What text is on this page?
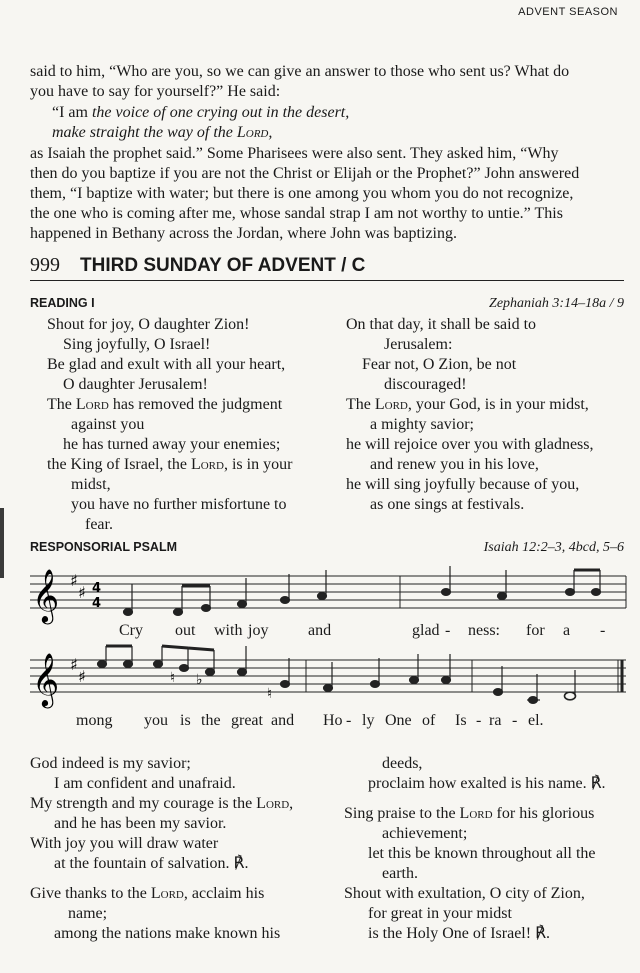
ADVENT SEASON
said to him, “Who are you, so we can give an answer to those who sent us? What do
you have to say for yourself?” He said:
“I am the voice of one crying out in the desert,
make straight the way of the Lord,
as Isaiah the prophet said.” Some Pharisees were also sent. They asked him, “Why
then do you baptize if you are not the Christ or Elijah or the Prophet?” John answered
them, “I baptize with water; but there is one among you whom you do not recognize,
the one who is coming after me, whose sandal strap I am not worthy to untie.” This
happened in Bethany across the Jordan, where John was baptizing.
999 THIRD SUNDAY OF ADVENT / C
READING I	Zephaniah 3:14–18a / 9
Shout for joy, O daughter Zion!
Sing joyfully, O Israel!
Be glad and exult with all your heart,
O daughter Jerusalem!
The Lord has removed the judgment
against you
he has turned away your enemies;
the King of Israel, the Lord, is in your
midst,
you have no further misfortune to
fear.
On that day, it shall be said to
Jerusalem:
Fear not, O Zion, be not
discouraged!
The Lord, your God, is in your midst,
a mighty savior;
he will rejoice over you with gladness,
and renew you in his love,
he will sing joyfully because of you,
as one sings at festivals.
RESPONSORIAL PSALM	Isaiah 12:2–3, 4bcd, 5–6
𝄞 ♯
♯ 4
4
Cry out with joy and	glad - ness: for a -
𝄞 ♯
♯	♮ ♭
♮
mong you is the great and Ho - ly One of Is - ra - el.
God indeed is my savior;
I am confident and unafraid.
My strength and my courage is the Lord,
and he has been my savior.
With joy you will draw water
at the fountain of salvation. ℟.
Give thanks to the Lord, acclaim his
name;
among the nations make known his
deeds,
proclaim how exalted is his name. ℟.
Sing praise to the Lord for his glorious
achievement;
let this be known throughout all the
earth.
Shout with exultation, O city of Zion,
for great in your midst
is the Holy One of Israel! ℟.
